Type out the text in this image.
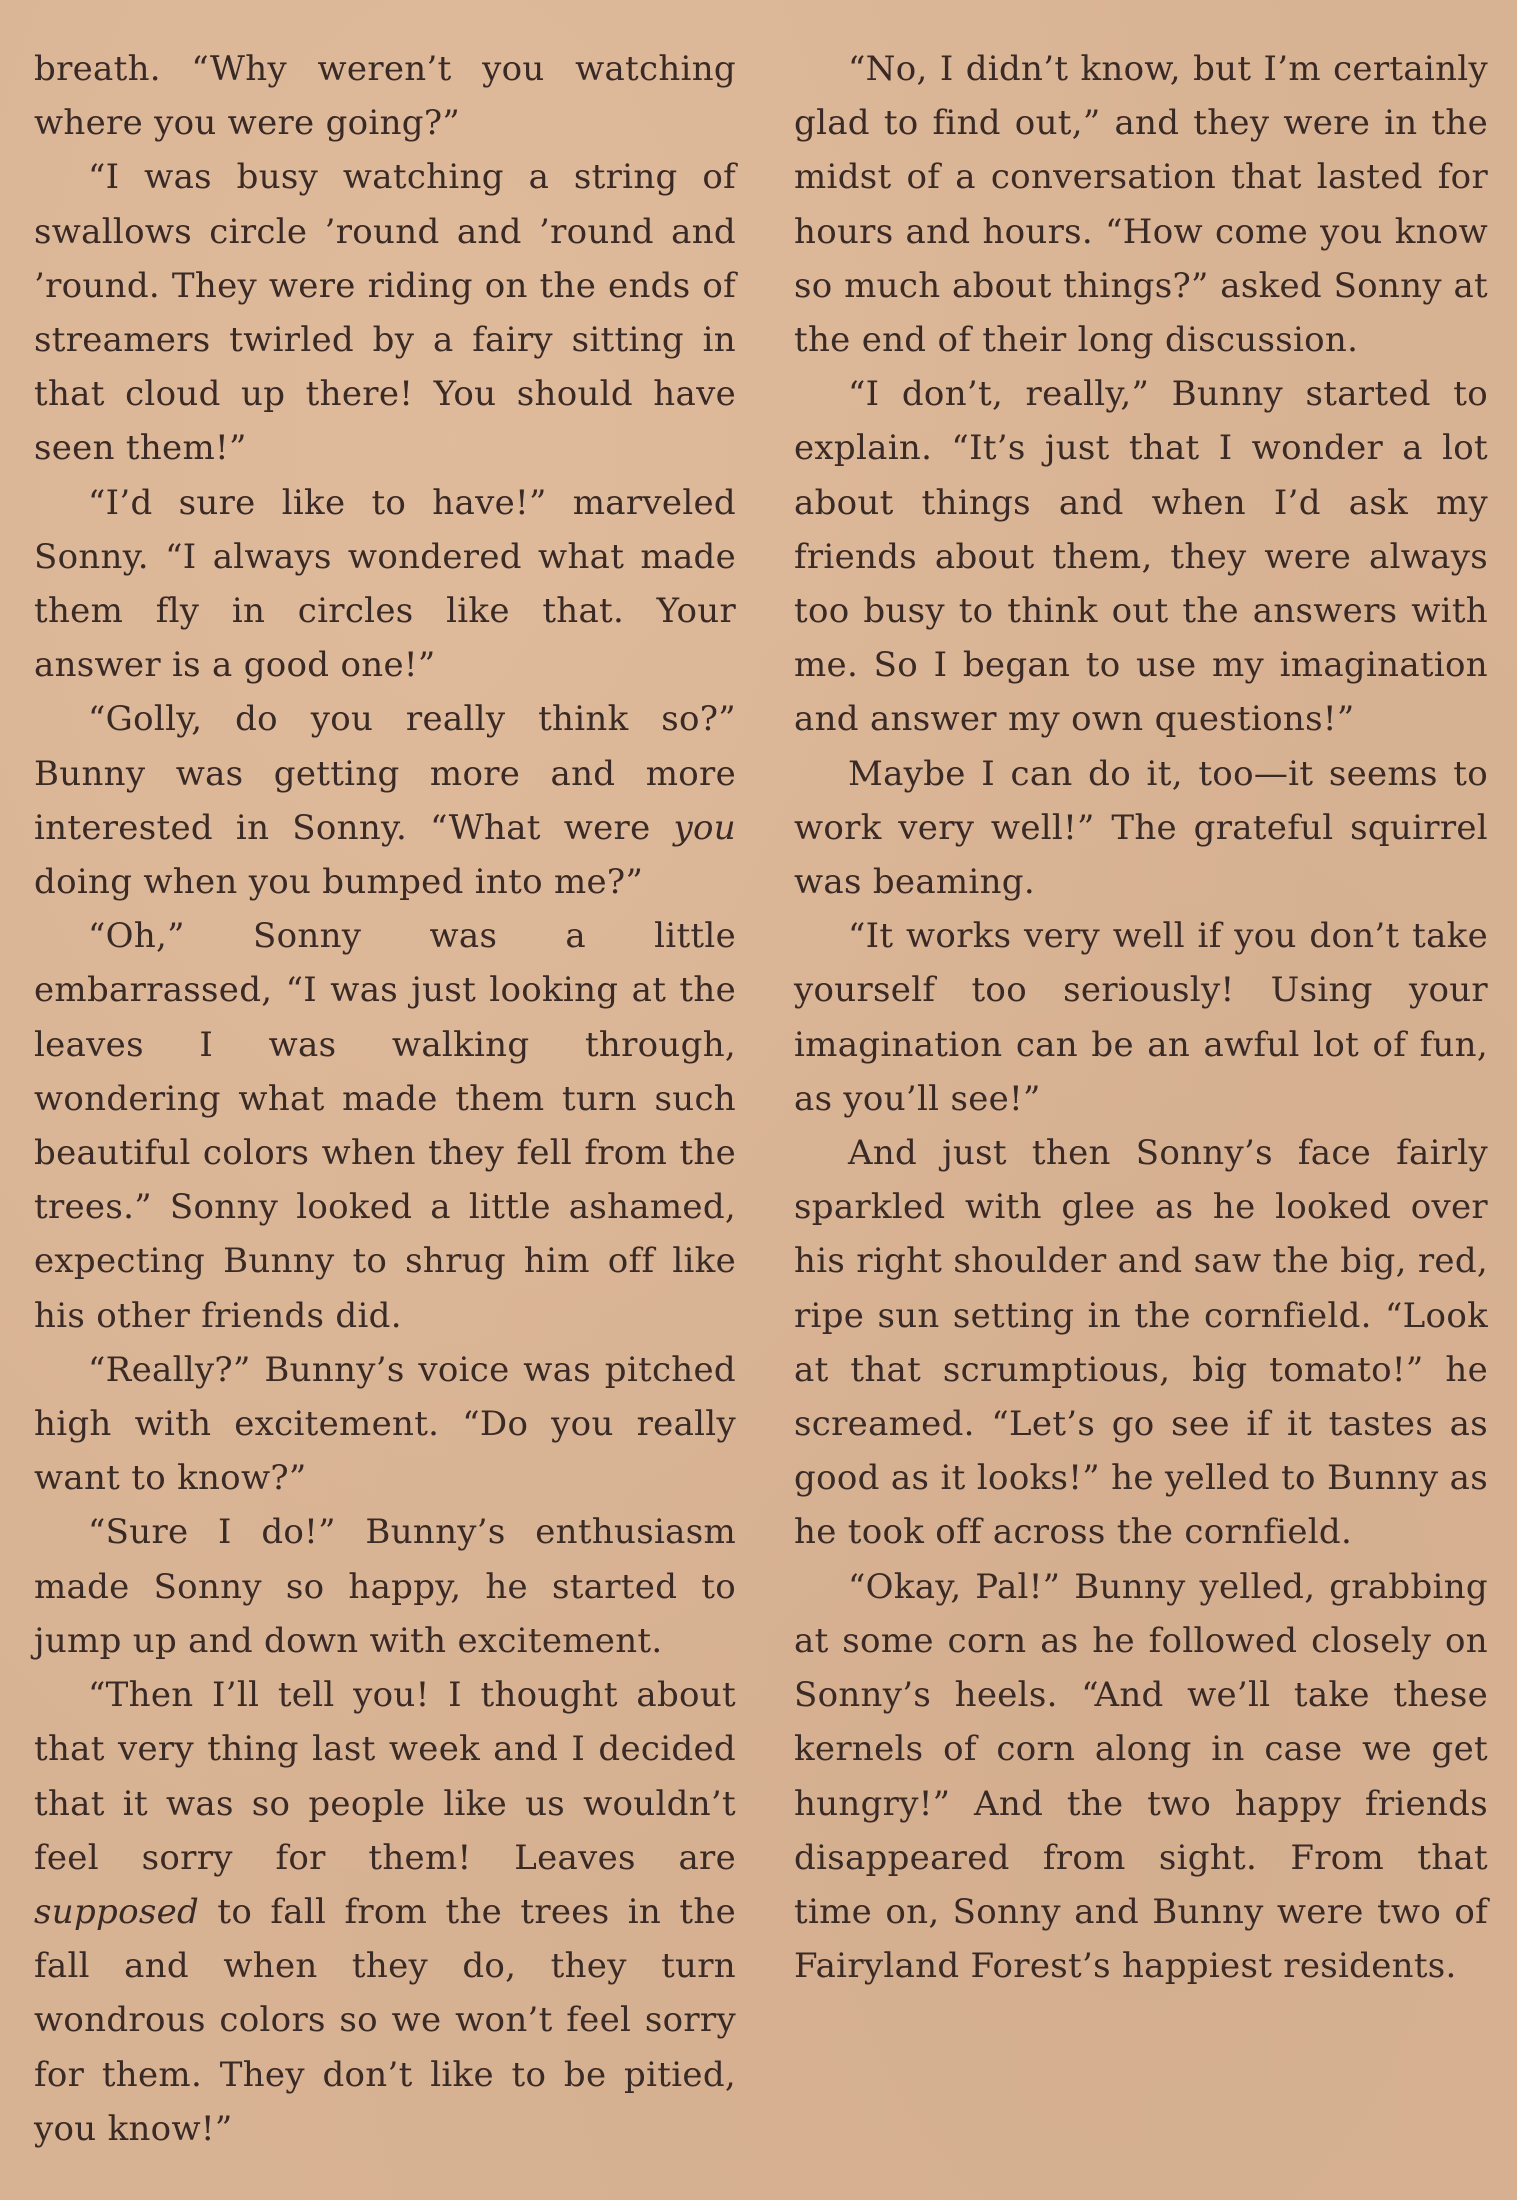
breath. “Why weren’t you watching where you were going?”

“I was busy watching a string of swallows circle ’round and ’round and ’round. They were riding on the ends of streamers twirled by a fairy sitting in that cloud up there! You should have seen them!”

“I’d sure like to have!” marveled Sonny. “I always wondered what made them fly in circles like that. Your answer is a good one!”

“Golly, do you really think so?” Bunny was getting more and more interested in Sonny. “What were you doing when you bumped into me?”

“Oh,” Sonny was a little embarrassed, “I was just looking at the leaves I was walking through, wondering what made them turn such beautiful colors when they fell from the trees.” Sonny looked a little ashamed, expecting Bunny to shrug him off like his other friends did.

“Really?” Bunny’s voice was pitched high with excitement. “Do you really want to know?”

“Sure I do!” Bunny’s enthusiasm made Sonny so happy, he started to jump up and down with excitement.

“Then I’ll tell you! I thought about that very thing last week and I decided that it was so people like us wouldn’t feel sorry for them! Leaves are supposed to fall from the trees in the fall and when they do, they turn wondrous colors so we won’t feel sorry for them. They don’t like to be pitied, you know!”

“No, I didn’t know, but I’m certainly glad to find out,” and they were in the midst of a conversation that lasted for hours and hours. “How come you know so much about things?” asked Sonny at the end of their long discussion.

“I don’t, really,” Bunny started to explain. “It’s just that I wonder a lot about things and when I’d ask my friends about them, they were always too busy to think out the answers with me. So I began to use my imagination and answer my own questions!”

Maybe I can do it, too—it seems to work very well!” The grateful squirrel was beaming.

“It works very well if you don’t take yourself too seriously! Using your imagination can be an awful lot of fun, as you’ll see!”

And just then Sonny’s face fairly sparkled with glee as he looked over his right shoulder and saw the big, red, ripe sun setting in the cornfield. “Look at that scrumptious, big tomato!” he screamed. “Let’s go see if it tastes as good as it looks!” he yelled to Bunny as he took off across the cornfield.

“Okay, Pal!” Bunny yelled, grabbing at some corn as he followed closely on Sonny’s heels. “And we’ll take these kernels of corn along in case we get hungry!” And the two happy friends disappeared from sight. From that time on, Sonny and Bunny were two of Fairyland Forest’s happiest residents.
